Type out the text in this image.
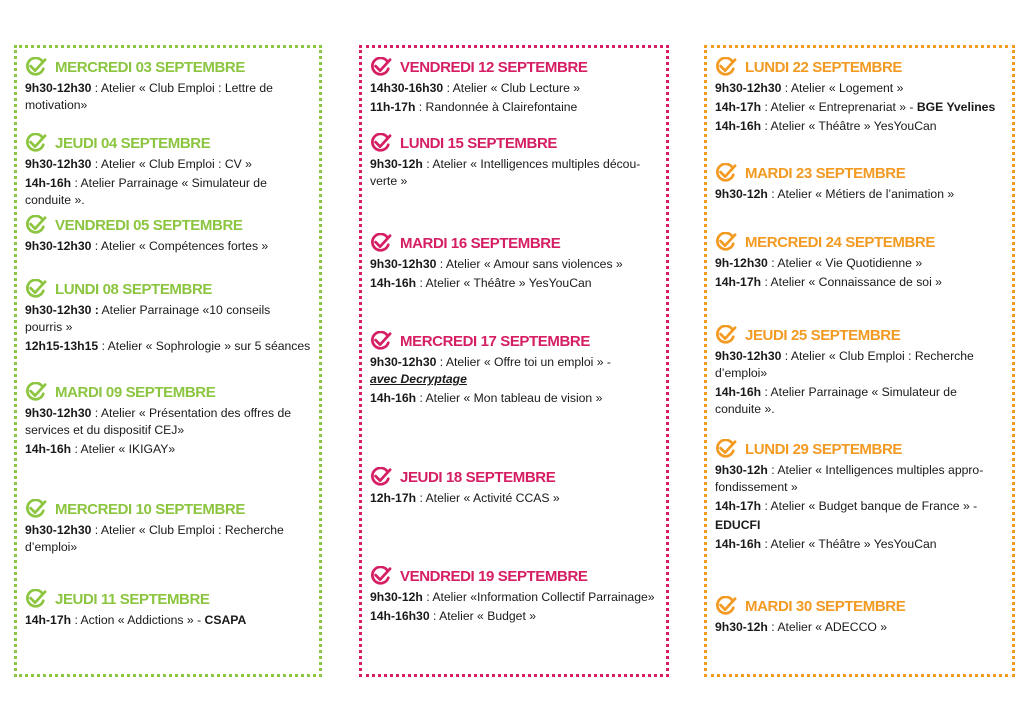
MERCREDI 03 SEPTEMBRE
9h30-12h30 : Atelier « Club Emploi : Lettre de
motivation»
JEUDI 04 SEPTEMBRE
9h30-12h30 : Atelier « Club Emploi : CV »
14h-16h : Atelier Parrainage « Simulateur de
conduite ».
VENDREDI 05 SEPTEMBRE
9h30-12h30 : Atelier « Compétences fortes »
LUNDI 08 SEPTEMBRE
9h30-12h30 : Atelier Parrainage «10 conseils
pourris »
12h15-13h15 : Atelier « Sophrologie » sur 5 séances
MARDI 09 SEPTEMBRE
9h30-12h30 : Atelier « Présentation des offres de
services et du dispositif CEJ»
14h-16h : Atelier « IKIGAY»
MERCREDI 10 SEPTEMBRE
9h30-12h30 : Atelier « Club Emploi : Recherche
d’emploi»
JEUDI 11 SEPTEMBRE
14h-17h : Action « Addictions » - CSAPA
VENDREDI 12 SEPTEMBRE
14h30-16h30 : Atelier « Club Lecture »
11h-17h : Randonnée à Clairefontaine
LUNDI 15 SEPTEMBRE
9h30-12h : Atelier « Intelligences multiples décou-
verte »
MARDI 16 SEPTEMBRE
9h30-12h30 : Atelier « Amour sans violences »
14h-16h : Atelier « Théâtre » YesYouCan
MERCREDI 17 SEPTEMBRE
9h30-12h30 : Atelier « Offre toi un emploi » -
avec Decryptage
14h-16h : Atelier « Mon tableau de vision »
JEUDI 18 SEPTEMBRE
12h-17h : Atelier « Activité CCAS »
VENDREDI 19 SEPTEMBRE
9h30-12h : Atelier «Information Collectif Parrainage»
14h-16h30 : Atelier « Budget »
LUNDI 22 SEPTEMBRE
9h30-12h30 : Atelier « Logement »
14h-17h : Atelier « Entreprenariat » - BGE Yvelines
14h-16h : Atelier « Théâtre » YesYouCan
MARDI 23 SEPTEMBRE
9h30-12h : Atelier « Métiers de l’animation »
MERCREDI 24 SEPTEMBRE
9h-12h30 : Atelier « Vie Quotidienne »
14h-17h : Atelier « Connaissance de soi »
JEUDI 25 SEPTEMBRE
9h30-12h30 : Atelier « Club Emploi : Recherche
d’emploi»
14h-16h : Atelier Parrainage « Simulateur de
conduite ».
LUNDI 29 SEPTEMBRE
9h30-12h : Atelier « Intelligences multiples appro-
fondissement »
14h-17h : Atelier « Budget banque de France » -
EDUCFI
14h-16h : Atelier « Théâtre » YesYouCan
MARDI 30 SEPTEMBRE
9h30-12h : Atelier « ADECCO »
